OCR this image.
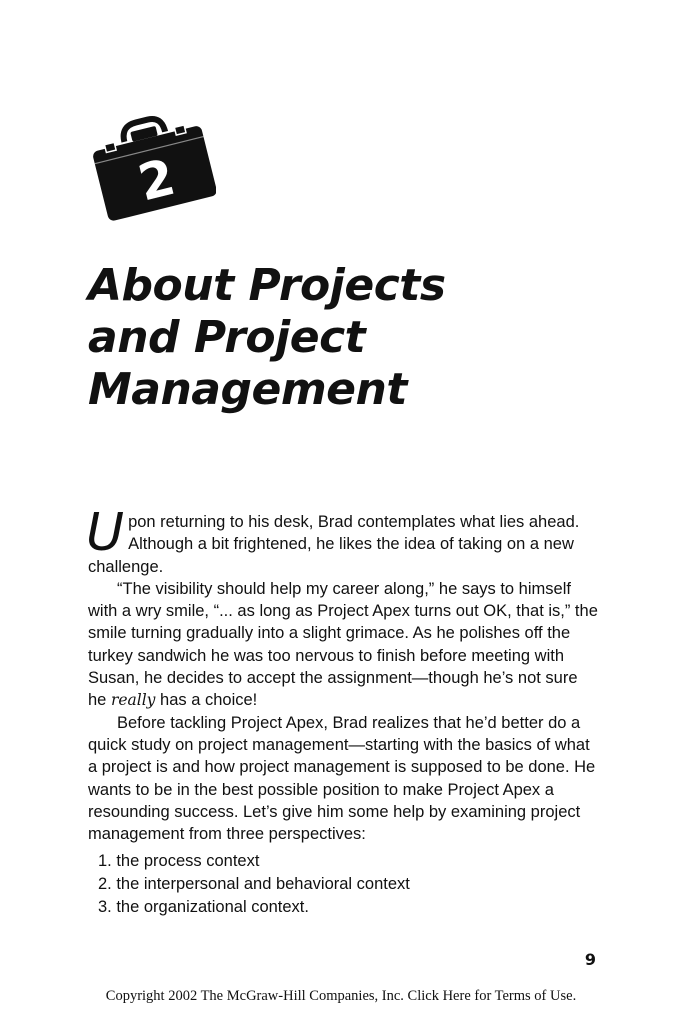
2
About Projects
and Project
Management

Upon returning to his desk, Brad contemplates what lies ahead. Although a bit frightened, he likes the idea of taking on a new challenge.

“The visibility should help my career along,” he says to himself with a wry smile, “... as long as Project Apex turns out OK, that is,” the smile turning gradually into a slight grimace. As he polishes off the turkey sandwich he was too nervous to finish before meeting with Susan, he decides to accept the assignment—though he’s not sure he really has a choice!

Before tackling Project Apex, Brad realizes that he’d better do a quick study on project management—starting with the basics of what a project is and how project management is supposed to be done. He wants to be in the best possible position to make Project Apex a resounding success. Let’s give him some help by examining project management from three perspectives:

1. the process context
2. the interpersonal and behavioral context
3. the organizational context.
9
Copyright 2002 The McGraw-Hill Companies, Inc. Click Here for Terms of Use.
